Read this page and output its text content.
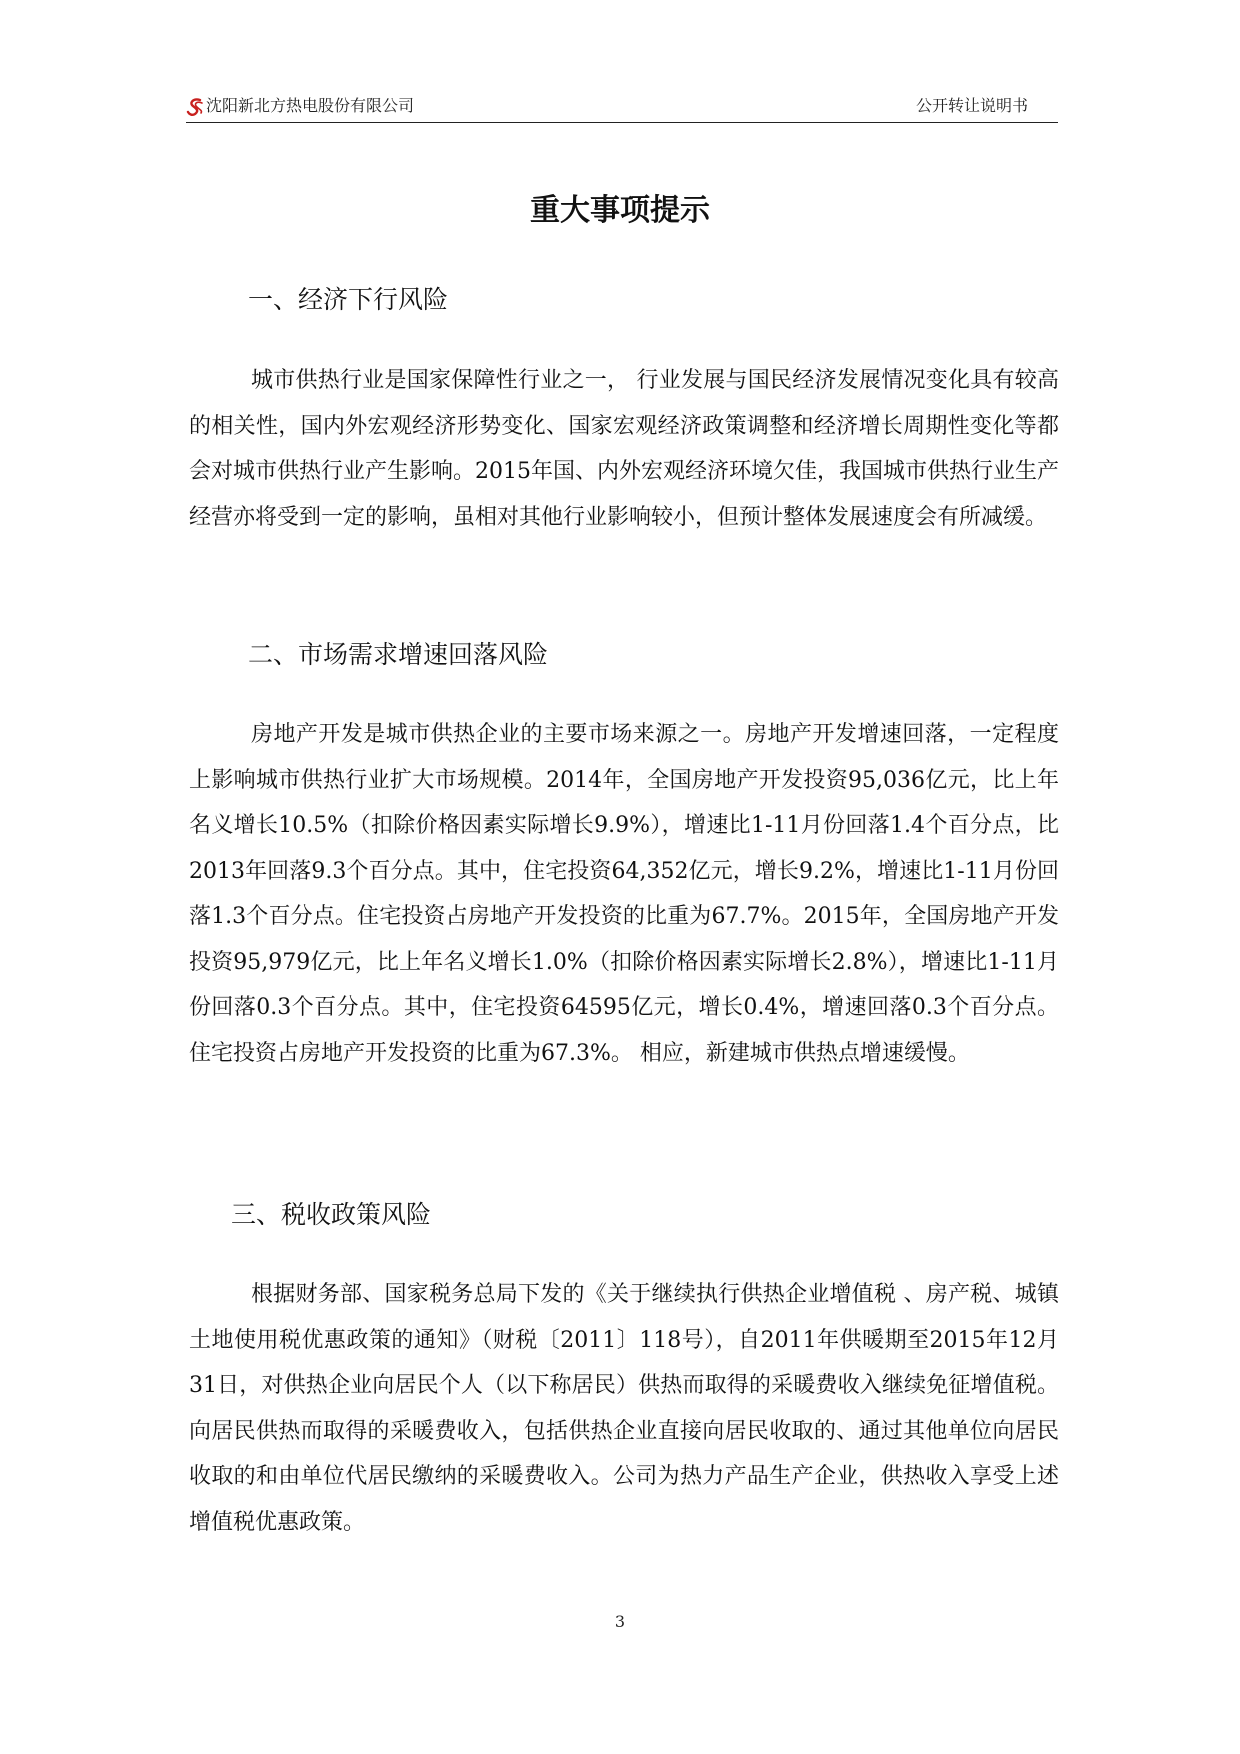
沈阳新北方热电股份有限公司	公开转让说明书
重大事项提示
一、经济下行风险

城市供热行业是国家保障性行业之一， 行业发展与国民经济发展情况变化具有较高的相关性，国内外宏观经济形势变化、国家宏观经济政策调整和经济增长周期性变化等都会对城市供热行业产生影响。2015年国、内外宏观经济环境欠佳，我国城市供热行业生产经营亦将受到一定的影响，虽相对其他行业影响较小，但预计整体发展速度会有所减缓。

二、市场需求增速回落风险

房地产开发是城市供热企业的主要市场来源之一。房地产开发增速回落，一定程度上影响城市供热行业扩大市场规模。2014年，全国房地产开发投资95,036亿元，比上年名义增长10.5%（扣除价格因素实际增长9.9%），增速比1-11月份回落1.4个百分点，比2013年回落9.3个百分点。其中，住宅投资64,352亿元，增长9.2%，增速比1-11月份回落1.3个百分点。住宅投资占房地产开发投资的比重为67.7%。2015年，全国房地产开发投资95,979亿元，比上年名义增长1.0%（扣除价格因素实际增长2.8%），增速比1-11月份回落0.3个百分点。其中，住宅投资64595亿元，增长0.4%，增速回落0.3个百分点。住宅投资占房地产开发投资的比重为67.3%。 相应，新建城市供热点增速缓慢。

三、税收政策风险

根据财务部、国家税务总局下发的《关于继续执行供热企业增值税 、房产税、城镇土地使用税优惠政策的通知》（财税〔2011〕118号），自2011年供暖期至2015年12月31日，对供热企业向居民个人（以下称居民）供热而取得的采暖费收入继续免征增值税。向居民供热而取得的采暖费收入，包括供热企业直接向居民收取的、通过其他单位向居民收取的和由单位代居民缴纳的采暖费收入。公司为热力产品生产企业，供热收入享受上述增值税优惠政策。

3
